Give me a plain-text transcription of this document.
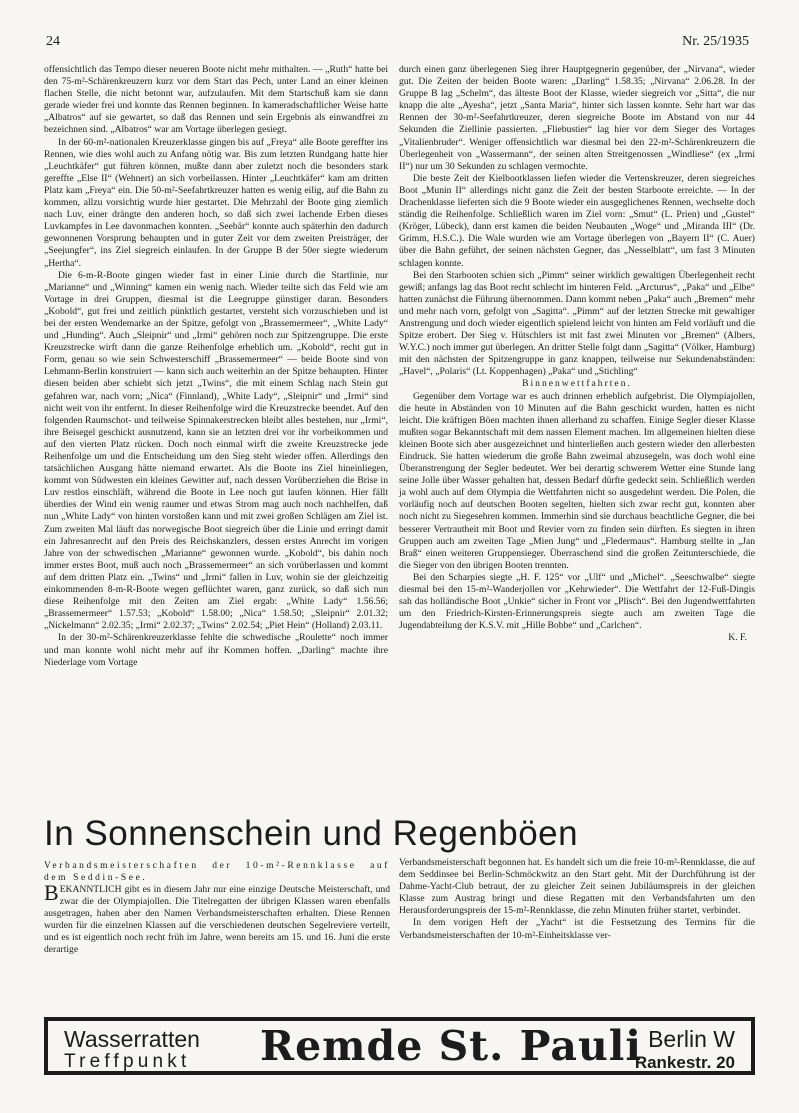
24	Nr. 25/1935

offensichtlich das Tempo dieser neueren Boote nicht mehr mithalten. — „Ruth“ hatte bei den 75-m²-Schärenkreuzern kurz vor dem Start das Pech, unter Land an einer kleinen flachen Stelle, die nicht betonnt war, aufzulaufen. Mit dem Startschuß kam sie dann gerade wieder frei und konnte das Rennen beginnen. In kameradschaftlicher Weise hatte „Albatros“ auf sie gewartet, so daß das Rennen und sein Ergebnis als einwandfrei zu bezeichnen sind. „Albatros“ war am Vortage überlegen gesiegt.

In der 60-m²-nationalen Kreuzerklasse gingen bis auf „Freya“ alle Boote gereffter ins Rennen, wie dies wohl auch zu Anfang nötig war. Bis zum letzten Rundgang hatte hier „Leuchtkäfer“ gut führen können, mußte dann aber zuletzt noch die besonders stark gereffte „Else II“ (Wehnert) an sich vorbeilassen. Hinter „Leuchtkäfer“ kam am dritten Platz kam „Freya“ ein. Die 50-m²-Seefahrtkreuzer hatten es wenig eilig, auf die Bahn zu kommen, allzu vorsichtig wurde hier gestartet. Die Mehrzahl der Boote ging ziemlich nach Luv, einer drängte den anderen hoch, so daß sich zwei lachende Erben dieses Luvkampfes in Lee davonmachen konnten. „Seebär“ konnte auch späterhin den dadurch gewonnenen Vorsprung behaupten und in guter Zeit vor dem zweiten Preisträger, der „Seejungfer“, ins Ziel siegreich einlaufen. In der Gruppe B der 50er siegte wiederum „Hertha“.

Die 6-m-R-Boote gingen wieder fast in einer Linie durch die Startlinie, nur „Marianne“ und „Winning“ kamen ein wenig nach. Wieder teilte sich das Feld wie am Vortage in drei Gruppen, diesmal ist die Leegruppe günstiger daran. Besonders „Kobold“, gut frei und zeitlich pünktlich gestartet, versteht sich vorzuschieben und ist bei der ersten Wendemarke an der Spitze, gefolgt von „Brassemermeer“, „White Lady“ und „Hunding“. Auch „Sleipnir“ und „Irmi“ gehören noch zur Spitzengruppe. Die erste Kreuzstrecke wirft dann die ganze Reihenfolge erheblich um. „Kobold“, recht gut in Form, genau so wie sein Schwesterschiff „Brassemermeer“ — beide Boote sind von Lehmann-Berlin konstruiert — kann sich auch weiterhin an der Spitze behaupten. Hinter diesen beiden aber schiebt sich jetzt „Twins“, die mit einem Schlag nach Stein gut gefahren war, nach vorn; „Nica“ (Finnland), „White Lady“, „Sleipnir“ und „Irmi“ sind nicht weit von ihr entfernt. In dieser Reihenfolge wird die Kreuzstrecke beendet. Auf den folgenden Raumschot- und teilweise Spinnakerstrecken bleibt alles bestehen, nur „Irmi“, ihre Beisegel geschickt ausnutzend, kann sie an letzten drei vor ihr vorbeikommen und auf den vierten Platz rücken. Doch noch einmal wirft die zweite Kreuzstrecke jede Reihenfolge um und die Entscheidung um den Sieg steht wieder offen. Allerdings den tatsächlichen Ausgang hätte niemand erwartet. Als die Boote ins Ziel hineinliegen, kommt von Südwesten ein kleines Gewitter auf, nach dessen Vorüberziehen die Brise in Luv restlos einschläft, während die Boote in Lee noch gut laufen können. Hier fällt überdies der Wind ein wenig raumer und etwas Strom mag auch noch nachhelfen, daß nun „White Lady“ von hinten vorstoßen kann und mit zwei großen Schlägen am Ziel ist. Zum zweiten Mal läuft das norwegische Boot siegreich über die Linie und erringt damit ein Jahresanrecht auf den Preis des Reichskanzlers, dessen erstes Anrecht im vorigen Jahre von der schwedischen „Marianne“ gewonnen wurde. „Kobold“, bis dahin noch immer erstes Boot, muß auch noch „Brassemermeer“ an sich vorüberlassen und kommt auf dem dritten Platz ein. „Twins“ und „Irmi“ fallen in Luv, wohin sie der gleichzeitig einkommenden 8-m-R-Boote wegen geflüchtet waren, ganz zurück, so daß sich nun diese Reihenfolge mit den Zeiten am Ziel ergab: „White Lady“ 1.56.56; „Brassemermeer“ 1.57.53; „Kobold“ 1.58.00; „Nica“ 1.58.50; „Sleipnir“ 2.01.32; „Nickelmann“ 2.02.35; „Irmi“ 2.02.37; „Twins“ 2.02.54; „Piet Hein“ (Holland) 2.03.11.

In der 30-m²-Schärenkreuzerklasse fehlte die schwedische „Roulette“ noch immer und man konnte wohl nicht mehr auf ihr Kommen hoffen. „Darling“ machte ihre Niederlage vom Vortage

durch einen ganz überlegenen Sieg ihrer Hauptgegnerin gegenüber, der „Nirvana“, wieder gut. Die Zeiten der beiden Boote waren: „Darling“ 1.58.35; „Nirvana“ 2.06.28. In der Gruppe B lag „Schelm“, das älteste Boot der Klasse, wieder siegreich vor „Sitta“, die nur knapp die alte „Ayesha“, jetzt „Santa Maria“, hinter sich lassen konnte. Sehr hart war das Rennen der 30-m²-Seefahrtkreuzer, deren siegreiche Boote im Abstand von nur 44 Sekunden die Ziellinie passierten. „Fliebustier“ lag hier vor dem Sieger des Vortages „Vitalienbruder“. Weniger offensichtlich war diesmal bei den 22-m²-Schärenkreuzern die Überlegenheit von „Wassermann“, der seinen alten Streitgenossen „Windliese“ (ex „Irmi II“) nur um 30 Sekunden zu schlagen vermochte.

Die beste Zeit der Kielbootklassen liefen wieder die Vertenskreuzer, deren siegreiches Boot „Munin II“ allerdings nicht ganz die Zeit der besten Starboote erreichte. — In der Drachenklasse lieferten sich die 9 Boote wieder ein ausgeglichenes Rennen, wechselte doch ständig die Reihenfolge. Schließlich waren im Ziel vorn: „Smut“ (L. Prien) und „Gustel“ (Kröger, Lübeck), dann erst kamen die beiden Neubauten „Woge“ und „Miranda III“ (Dr. Grimm, H.S.C.). Die Wale wurden wie am Vortage überlegen von „Bayern II“ (C. Auer) über die Bahn geführt, der seinen nächsten Gegner, das „Nesselblatt“, um fast 3 Minuten schlagen konnte.

Bei den Starbooten schien sich „Pimm“ seiner wirklich gewaltigen Überlegenheit recht gewiß; anfangs lag das Boot recht schlecht im hinteren Feld. „Arcturus“, „Paka“ und „Elbe“ hatten zunächst die Führung übernommen. Dann kommt neben „Paka“ auch „Bremen“ mehr und mehr nach vorn, gefolgt von „Sagitta“. „Pimm“ auf der letzten Strecke mit gewaltiger Anstrengung und doch wieder eigentlich spielend leicht von hinten am Feld vorläuft und die Spitze erobert. Der Sieg v. Hütschlers ist mit fast zwei Minuten vor „Bremen“ (Albers, W.Y.C.) noch immer gut überlegen. An dritter Stelle folgt dann „Sagitta“ (Völker, Hamburg) mit den nächsten der Spitzengruppe in ganz knappen, teilweise nur Sekundenabständen: „Havel“, „Polaris“ (Lt. Koppenhagen) „Paka“ und „Stichling“

Binnenwettfahrten.

Gegenüber dem Vortage war es auch drinnen erheblich aufgebrist. Die Olympiajollen, die heute in Abständen von 10 Minuten auf die Bahn geschickt wurden, hatten es nicht leicht. Die kräftigen Böen machten ihnen allerhand zu schaffen. Einige Segler dieser Klasse mußten sogar Bekanntschaft mit dem nassen Element machen. Im allgemeinen hielten diese kleinen Boote sich aber ausgezeichnet und hinterließen auch gestern wieder den allerbesten Eindruck. Sie hatten wiederum die große Bahn zweimal abzusegeln, was doch wohl eine Überanstrengung der Segler bedeutet. Wer bei derartig schwerem Wetter eine Stunde lang seine Jolle über Wasser gehalten hat, dessen Bedarf dürfte gedeckt sein. Schließlich werden ja wohl auch auf dem Olympia die Wettfahrten nicht so ausgedehnt werden. Die Polen, die vorläufig noch auf deutschen Booten segelten, hielten sich zwar recht gut, konnten aber noch nicht zu Siegesehren kommen. Immerhin sind sie durchaus beachtliche Gegner, die bei besserer Vertrautheit mit Boot und Revier vorn zu finden sein dürften. Es siegten in ihren Gruppen auch am zweiten Tage „Mien Jung“ und „Fledermaus“. Hamburg stellte in „Jan Braß“ einen weiteren Gruppensieger. Überraschend sind die großen Zeitunterschiede, die die Sieger von den übrigen Booten trennten.

Bei den Scharpies siegte „H. F. 125“ vor „Ulf“ und „Michel“. „Seeschwalbe“ siegte diesmal bei den 15-m²-Wanderjollen vor „Kehrwieder“. Die Wettfahrt der 12-Fuß-Dingis sah das holländische Boot „Unkie“ sicher in Front vor „Plisch“. Bei den Jugendwettfahrten um den Friedrich-Kirsten-Erinnerungspreis siegte auch am zweiten Tage die Jugendabteilung der K.S.V. mit „Hille Bobbe“ und „Carlchen“.

K. F.

In Sonnenschein und Regenböen

Verbandsmeisterschaften der 10-m²-Rennklasse auf dem Seddin-See.

BEKANNTLICH gibt es in diesem Jahr nur eine einzige Deutsche Meisterschaft, und zwar die der Olympiajollen. Die Titelregatten der übrigen Klassen waren ebenfalls ausgetragen, haben aber den Namen Verbandsmeisterschaften erhalten. Diese Rennen wurden für die einzelnen Klassen auf die verschiedenen deutschen Segelreviere verteilt, und es ist eigentlich noch recht früh im Jahre, wenn bereits am 15. und 16. Juni die erste derartige

Verbandsmeisterschaft begonnen hat. Es handelt sich um die freie 10-m²-Rennklasse, die auf dem Seddinsee bei Berlin-Schmöckwitz an den Start geht. Mit der Durchführung ist der Dahme-Yacht-Club betraut, der zu gleicher Zeit seinen Jubiläumspreis in der gleichen Klasse zum Austrag bringt und diese Regatten mit den Verbandsfahrten um den Herausforderungspreis der 15-m²-Rennklasse, die zehn Minuten früher startet, verbindet.

In dem vorigen Heft der „Yacht“ ist die Festsetzung des Termins für die Verbandsmeisterschaften der 10-m²-Einheitsklasse ver-

Wasserratten
Treffpunkt Remde St. Pauli Berlin W
Rankestr. 20
